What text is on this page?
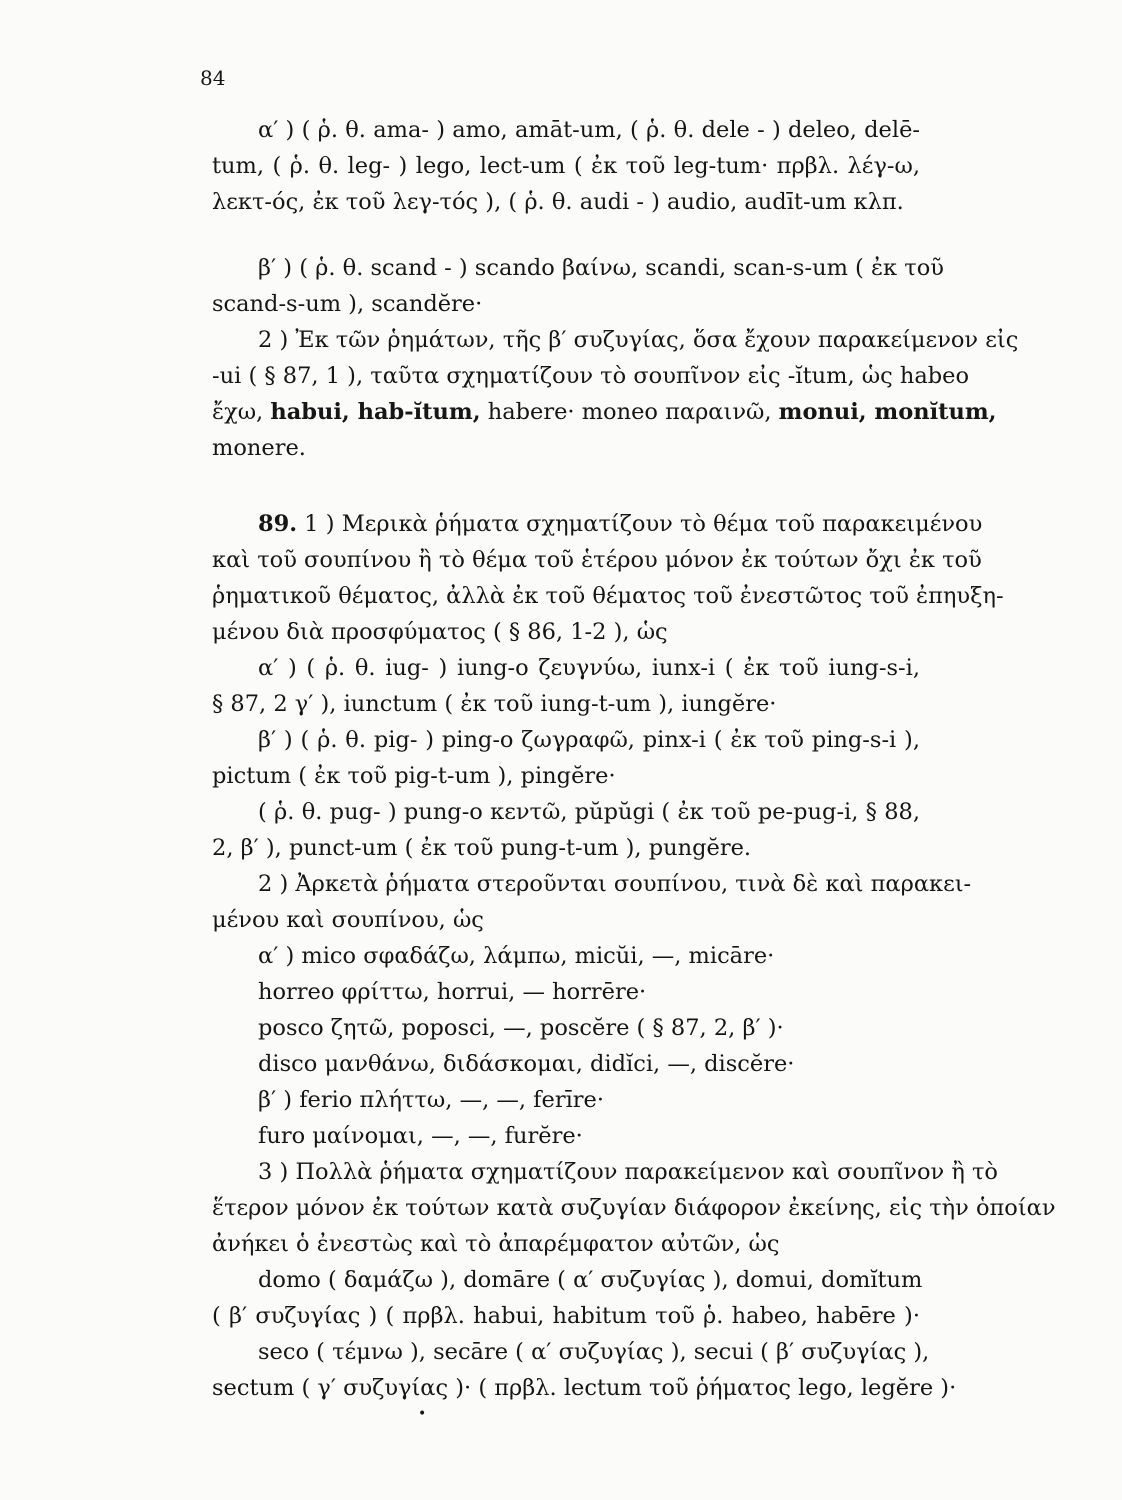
84
α′ ) ( ῥ. θ. ama- ) amo, amāt-um, ( ῥ. θ. dele - ) deleo, delē-
tum, ( ῥ. θ. leg- ) lego, lect-um ( ἐκ τοῦ leg-tum· πρβλ. λέγ-ω,
λεκτ-ός, ἐκ τοῦ λεγ-τός ), ( ῥ. θ. audi - ) audio, audīt-um κλπ.
β′ ) ( ῥ. θ. scand - ) scando βαίνω, scandi, scan-s-um ( ἐκ τοῦ
scand-s-um ), scandĕre·
2 ) Ἐκ τῶν ῥημάτων, τῆς β′ συζυγίας, ὅσα ἔχουν παρακείμενον εἰς
-ui ( § 87, 1 ), ταῦτα σχηματίζουν τὸ σουπῖνον εἰς -ĭtum, ὡς habeo
ἔχω, habui, hab-ĭtum, habere· moneo παραινῶ, monui, monĭtum,
monere.
89. 1 ) Μερικὰ ῥήματα σχηματίζουν τὸ θέμα τοῦ παρακειμένου
καὶ τοῦ σουπίνου ἢ τὸ θέμα τοῦ ἑτέρου μόνον ἐκ τούτων ὄχι ἐκ τοῦ
ῥηματικοῦ θέματος, ἀλλὰ ἐκ τοῦ θέματος τοῦ ἐνεστῶτος τοῦ ἐπηυξη-
μένου διὰ προσφύματος ( § 86, 1-2 ), ὡς
α′ ) ( ῥ. θ. iug- ) iung-o ζευγνύω, iunx-i ( ἐκ τοῦ iung-s-i,
§ 87, 2 γ′ ), iunctum ( ἐκ τοῦ iung-t-um ), iungĕre·
β′ ) ( ῥ. θ. pig- ) ping-o ζωγραφῶ, pinx-i ( ἐκ τοῦ ping-s-i ),
pictum ( ἐκ τοῦ pig-t-um ), pingĕre·
( ῥ. θ. pug- ) pung-o κεντῶ, pŭpŭgi ( ἐκ τοῦ pe-pug-i, § 88,
2, β′ ), punct-um ( ἐκ τοῦ pung-t-um ), pungĕre.
2 ) Ἀρκετὰ ῥήματα στεροῦνται σουπίνου, τινὰ δὲ καὶ παρακει-
μένου καὶ σουπίνου, ὡς
α′ ) mico σφαδάζω, λάμπω, micŭi, —, micāre·
horreo φρίττω, horrui, — horrēre·
posco ζητῶ, poposci, —, poscĕre ( § 87, 2, β′ )·
disco μανθάνω, διδάσκομαι, didĭci, —, discĕre·
β′ ) ferio πλήττω, —, —, ferīre·
furo μαίνομαι, —, —, furĕre·
3 ) Πολλὰ ῥήματα σχηματίζουν παρακείμενον καὶ σουπῖνον ἢ τὸ
ἕτερον μόνον ἐκ τούτων κατὰ συζυγίαν διάφορον ἐκείνης, εἰς τὴν ὁποίαν
ἀνήκει ὁ ἐνεστὼς καὶ τὸ ἀπαρέμφατον αὐτῶν, ὡς
domo ( δαμάζω ), domāre ( α′ συζυγίας ), domui, domĭtum
( β′ συζυγίας ) ( πρβλ. habui, habitum τοῦ ῥ. habeo, habēre )·
seco ( τέμνω ), secāre ( α′ συζυγίας ), secui ( β′ συζυγίας ),
sectum ( γ′ συζυγίας )· ( πρβλ. lectum τοῦ ῥήματος lego, legĕre )·
•
